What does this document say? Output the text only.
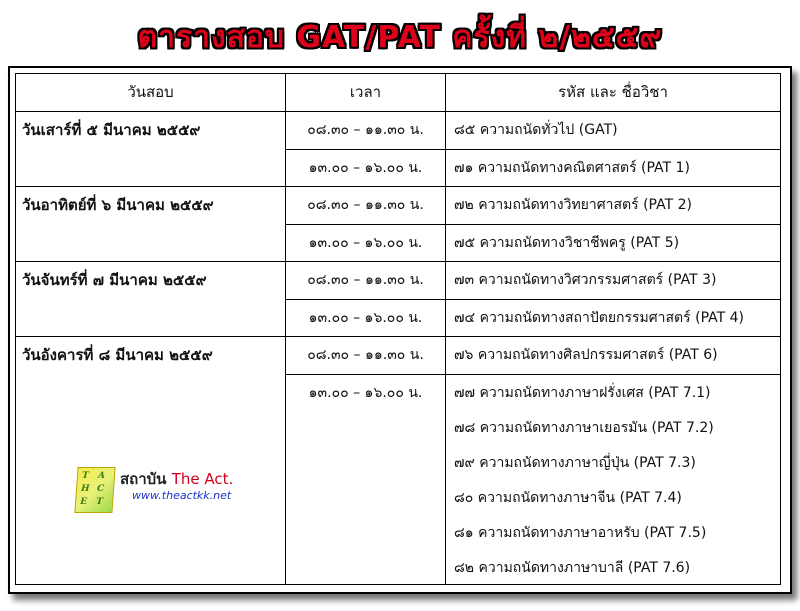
ตารางสอบ GAT/PAT ครั้งที่ ๒/๒๕๕๙
วันสอบ	เวลา	รหัส และ ชื่อวิชา
วันเสาร์ที่ ๕ มีนาคม ๒๕๕๙
วันอาทิตย์ที่ ๖ มีนาคม ๒๕๕๙
วันจันทร์ที่ ๗ มีนาคม ๒๕๕๙
วันอังคารที่ ๘ มีนาคม ๒๕๕๙
๐๘.๓๐ – ๑๑.๓๐ น.
๑๓.๐๐ – ๑๖.๐๐ น.
๐๘.๓๐ – ๑๑.๓๐ น.
๑๓.๐๐ – ๑๖.๐๐ น.
๐๘.๓๐ – ๑๑.๓๐ น.
๑๓.๐๐ – ๑๖.๐๐ น.
๐๘.๓๐ – ๑๑.๓๐ น.
๑๓.๐๐ – ๑๖.๐๐ น.
๘๕ ความถนัดทั่วไป (GAT)
๗๑ ความถนัดทางคณิตศาสตร์ (PAT 1)
๗๒ ความถนัดทางวิทยาศาสตร์ (PAT 2)
๗๕ ความถนัดทางวิชาชีพครู (PAT 5)
๗๓ ความถนัดทางวิศวกรรมศาสตร์ (PAT 3)
๗๔ ความถนัดทางสถาปัตยกรรมศาสตร์ (PAT 4)
๗๖ ความถนัดทางศิลปกรรมศาสตร์ (PAT 6)
๗๗ ความถนัดทางภาษาฝรั่งเศส (PAT 7.1)
๗๘ ความถนัดทางภาษาเยอรมัน (PAT 7.2)
๗๙ ความถนัดทางภาษาญี่ปุ่น (PAT 7.3)
๘๐ ความถนัดทางภาษาจีน (PAT 7.4)
๘๑ ความถนัดทางภาษาอาหรับ (PAT 7.5)
๘๒ ความถนัดทางภาษาบาลี (PAT 7.6)
T A
H C
E T
สถาบัน The Act.
www.theactkk.net
